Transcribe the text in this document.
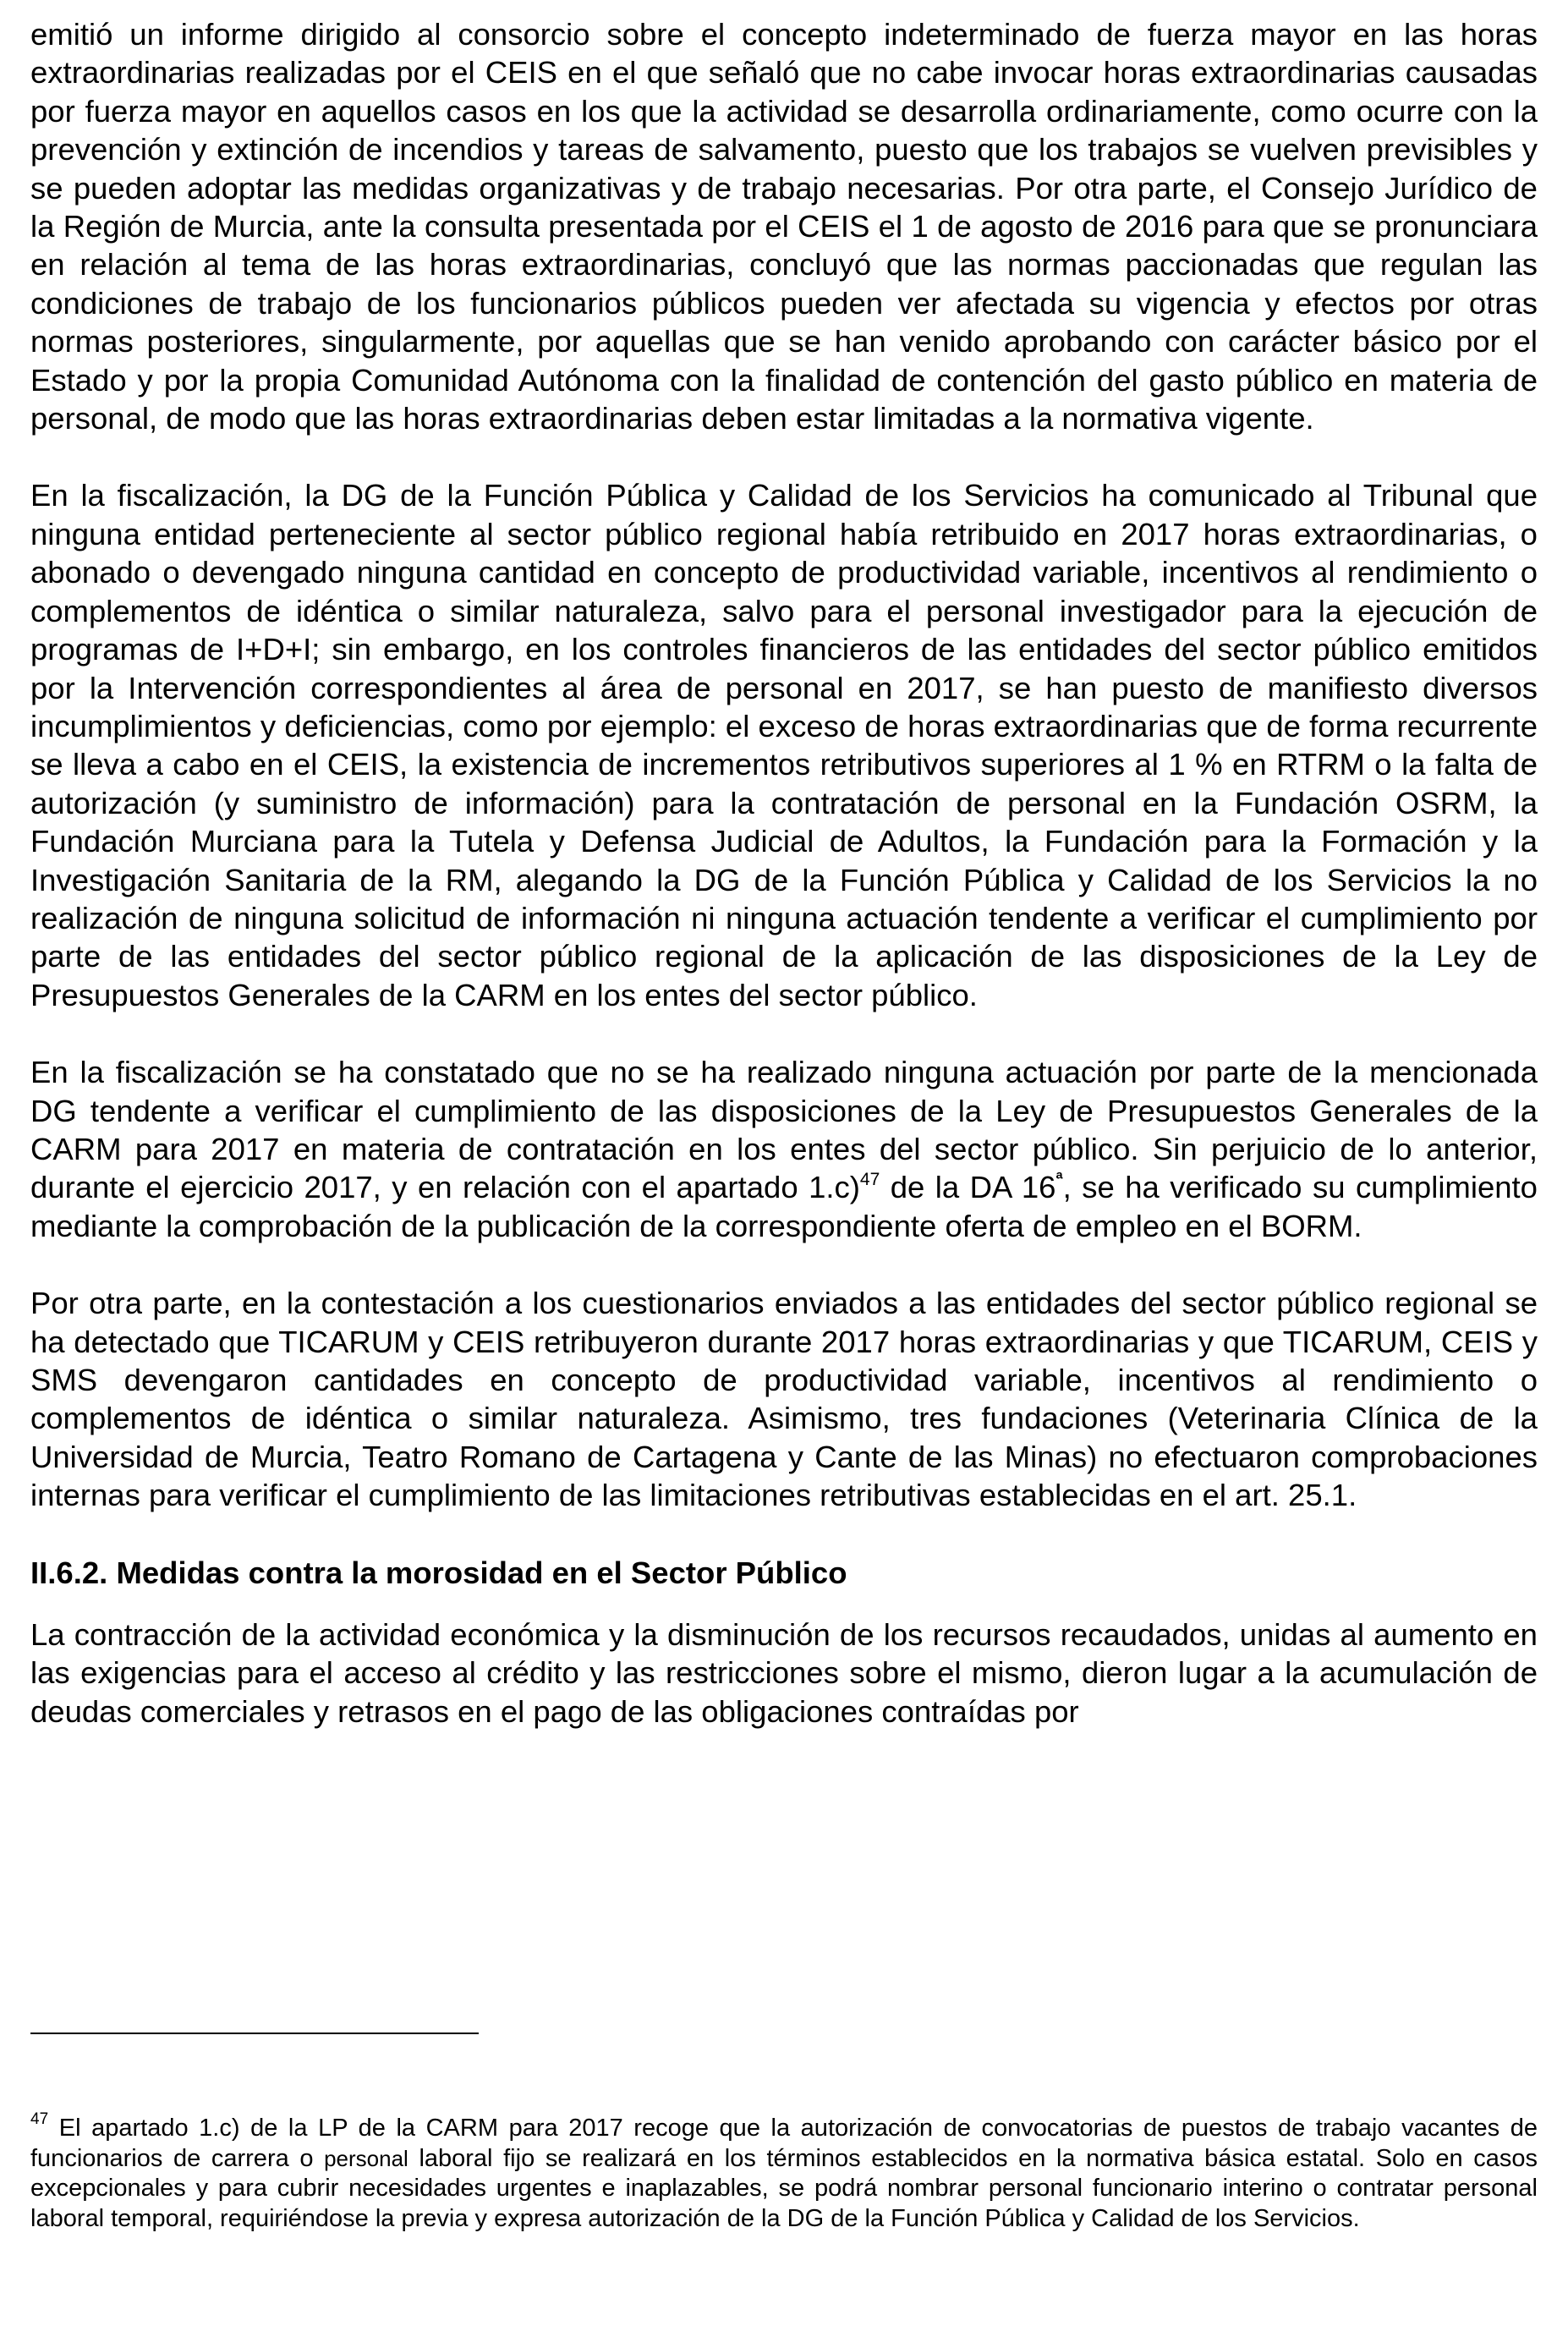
emitió un informe dirigido al consorcio sobre el concepto indeterminado de fuerza mayor en las horas extraordinarias realizadas por el CEIS en el que señaló que no cabe invocar horas extraordinarias causadas por fuerza mayor en aquellos casos en los que la actividad se desarrolla ordinariamente, como ocurre con la prevención y extinción de incendios y tareas de salvamento, puesto que los trabajos se vuelven previsibles y se pueden adoptar las medidas organizativas y de trabajo necesarias. Por otra parte, el Consejo Jurídico de la Región de Murcia, ante la consulta presentada por el CEIS el 1 de agosto de 2016 para que se pronunciara en relación al tema de las horas extraordinarias, concluyó que las normas paccionadas que regulan las condiciones de trabajo de los funcionarios públicos pueden ver afectada su vigencia y efectos por otras normas posteriores, singularmente, por aquellas que se han venido aprobando con carácter básico por el Estado y por la propia Comunidad Autónoma con la finalidad de contención del gasto público en materia de personal, de modo que las horas extraordinarias deben estar limitadas a la normativa vigente.

En la fiscalización, la DG de la Función Pública y Calidad de los Servicios ha comunicado al Tribunal que ninguna entidad perteneciente al sector público regional había retribuido en 2017 horas extraordinarias, o abonado o devengado ninguna cantidad en concepto de productividad variable, incentivos al rendimiento o complementos de idéntica o similar naturaleza, salvo para el personal investigador para la ejecución de programas de I+D+I; sin embargo, en los controles financieros de las entidades del sector público emitidos por la Intervención correspondientes al área de personal en 2017, se han puesto de manifiesto diversos incumplimientos y deficiencias, como por ejemplo: el exceso de horas extraordinarias que de forma recurrente se lleva a cabo en el CEIS, la existencia de incrementos retributivos superiores al 1 % en RTRM o la falta de autorización (y suministro de información) para la contratación de personal en la Fundación OSRM, la Fundación Murciana para la Tutela y Defensa Judicial de Adultos, la Fundación para la Formación y la Investigación Sanitaria de la RM, alegando la DG de la Función Pública y Calidad de los Servicios la no realización de ninguna solicitud de información ni ninguna actuación tendente a verificar el cumplimiento por parte de las entidades del sector público regional de la aplicación de las disposiciones de la Ley de Presupuestos Generales de la CARM en los entes del sector público.

En la fiscalización se ha constatado que no se ha realizado ninguna actuación por parte de la mencionada DG tendente a verificar el cumplimiento de las disposiciones de la Ley de Presupuestos Generales de la CARM para 2017 en materia de contratación en los entes del sector público. Sin perjuicio de lo anterior, durante el ejercicio 2017, y en relación con el apartado 1.c)$^{47}$ de la DA $16^ª$, se ha verificado su cumplimiento mediante la comprobación de la publicación de la correspondiente oferta de empleo en el BORM.

Por otra parte, en la contestación a los cuestionarios enviados a las entidades del sector público regional se ha detectado que TICARUM y CEIS retribuyeron durante 2017 horas extraordinarias y que TICARUM, CEIS y SMS devengaron cantidades en concepto de productividad variable, incentivos al rendimiento o complementos de idéntica o similar naturaleza. Asimismo, tres fundaciones (Veterinaria Clínica de la Universidad de Murcia, Teatro Romano de Cartagena y Cante de las Minas) no efectuaron comprobaciones internas para verificar el cumplimiento de las limitaciones retributivas establecidas en el art. 25.1.

II.6.2. Medidas contra la morosidad en el Sector Público

La contracción de la actividad económica y la disminución de los recursos recaudados, unidas al aumento en las exigencias para el acceso al crédito y las restricciones sobre el mismo, dieron lugar a la acumulación de deudas comerciales y retrasos en el pago de las obligaciones contraídas por

$^{47}$ El apartado 1.c) de la LP de la CARM para 2017 recoge que la autorización de convocatorias de puestos de trabajo vacantes de funcionarios de carrera o personal laboral fijo se realizará en los términos establecidos en la normativa básica estatal. Solo en casos excepcionales y para cubrir necesidades urgentes e inaplazables, se podrá nombrar personal funcionario interino o contratar personal laboral temporal, requiriéndose la previa y expresa autorización de la DG de la Función Pública y Calidad de los Servicios.
